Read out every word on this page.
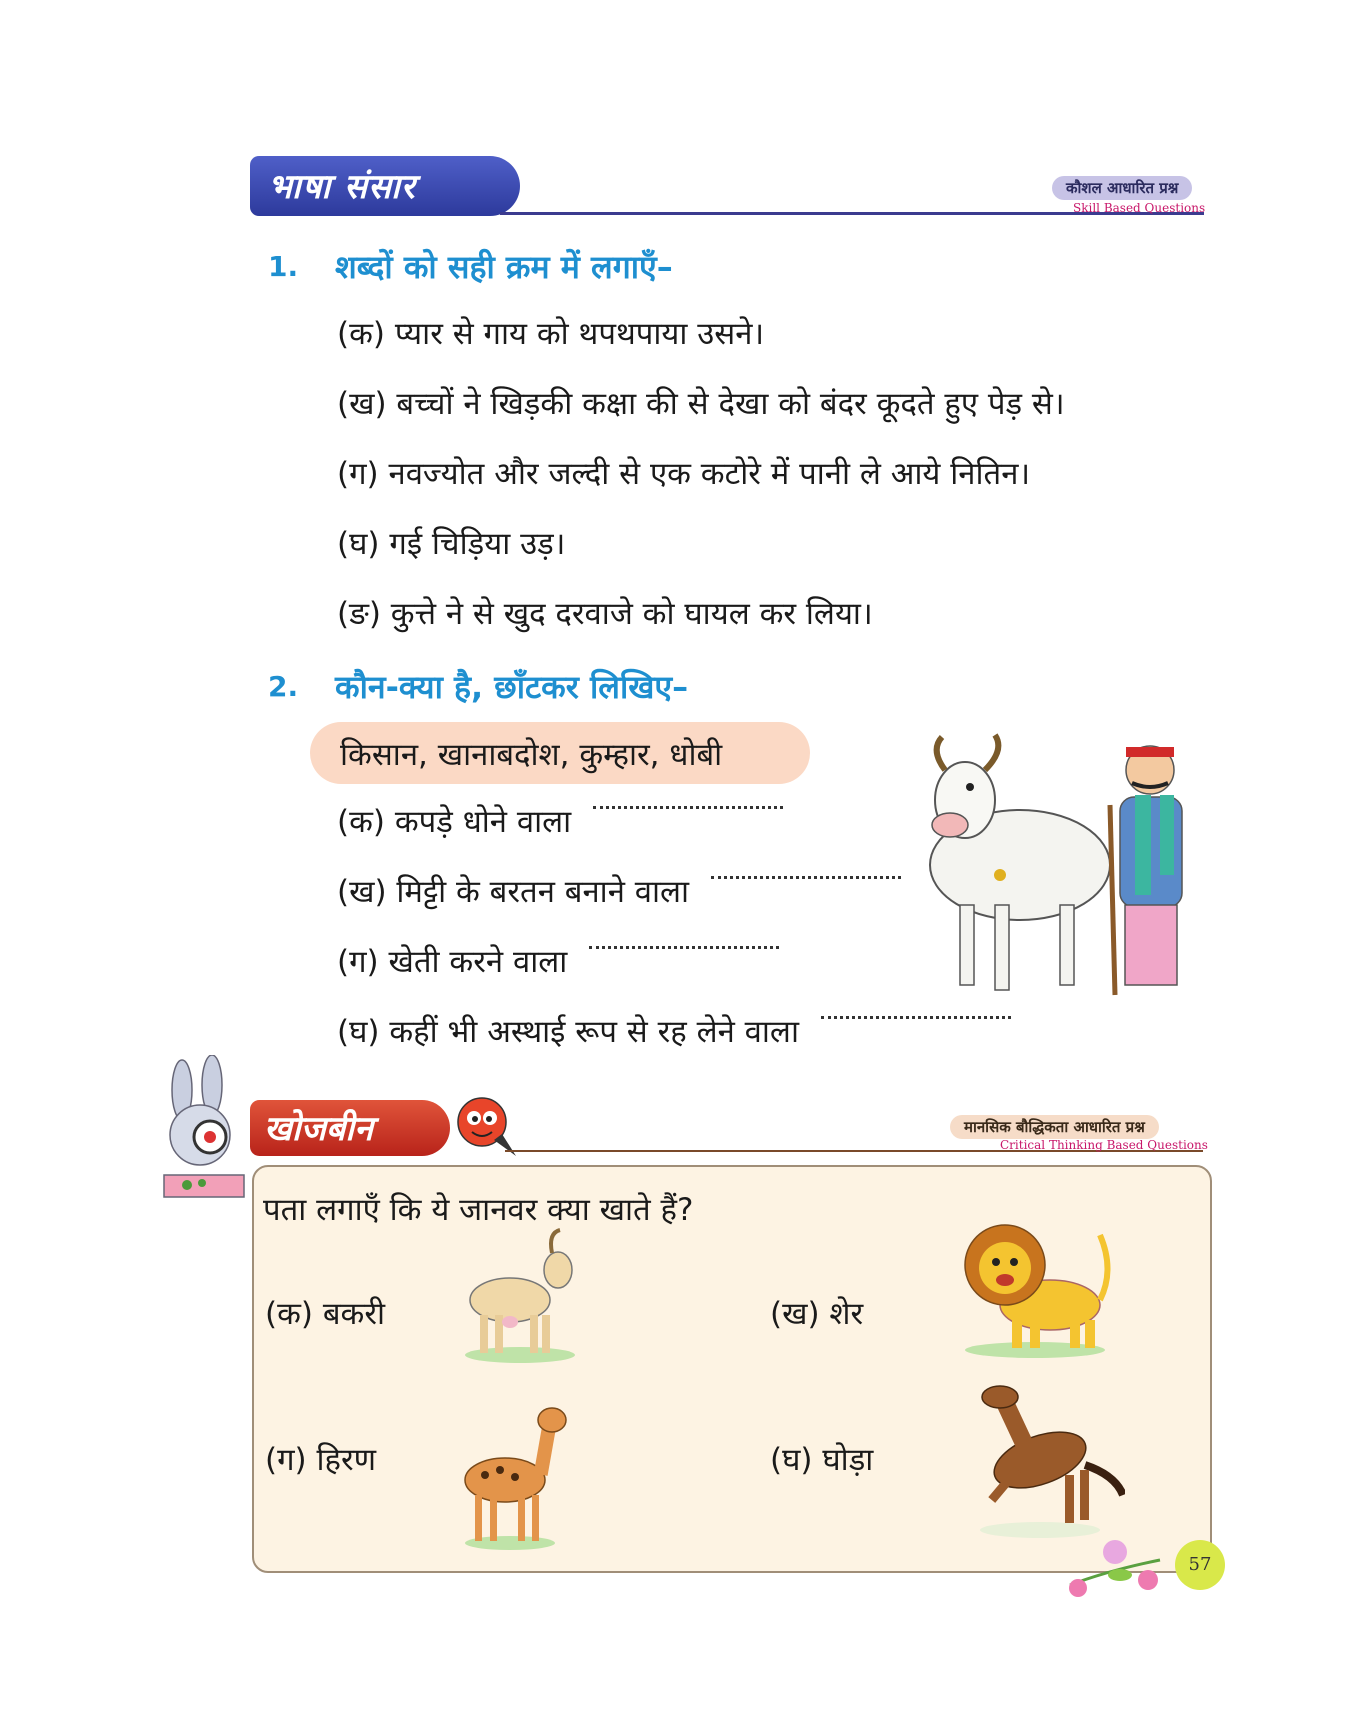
भाषा संसार	कौशल आधारित प्रश्न
Skill Based Questions
1. शब्दों को सही क्रम में लगाएँ–
(क) प्यार से गाय को थपथपाया उसने।
(ख) बच्चों ने खिड़की कक्षा की से देखा को बंदर कूदते हुए पेड़ से।
(ग) नवज्योत और जल्दी से एक कटोरे में पानी ले आये नितिन।
(घ) गई चिड़िया उड़।
(ङ) कुत्ते ने से खुद दरवाजे को घायल कर लिया।
2. कौन-क्या है, छाँटकर लिखिए–
किसान, खानाबदोश, कुम्हार, धोबी
(क) कपड़े धोने वाला
(ख) मिट्टी के बरतन बनाने वाला
(ग) खेती करने वाला
(घ) कहीं भी अस्थाई रूप से रह लेने वाला
खोजबीन	मानसिक बौद्धिकता आधारित प्रश्न
Critical Thinking Based Questions
पता लगाएँ कि ये जानवर क्या खाते हैं?
(क) बकरी	(ख) शेर
(ग) हिरण	(घ) घोड़ा
57
